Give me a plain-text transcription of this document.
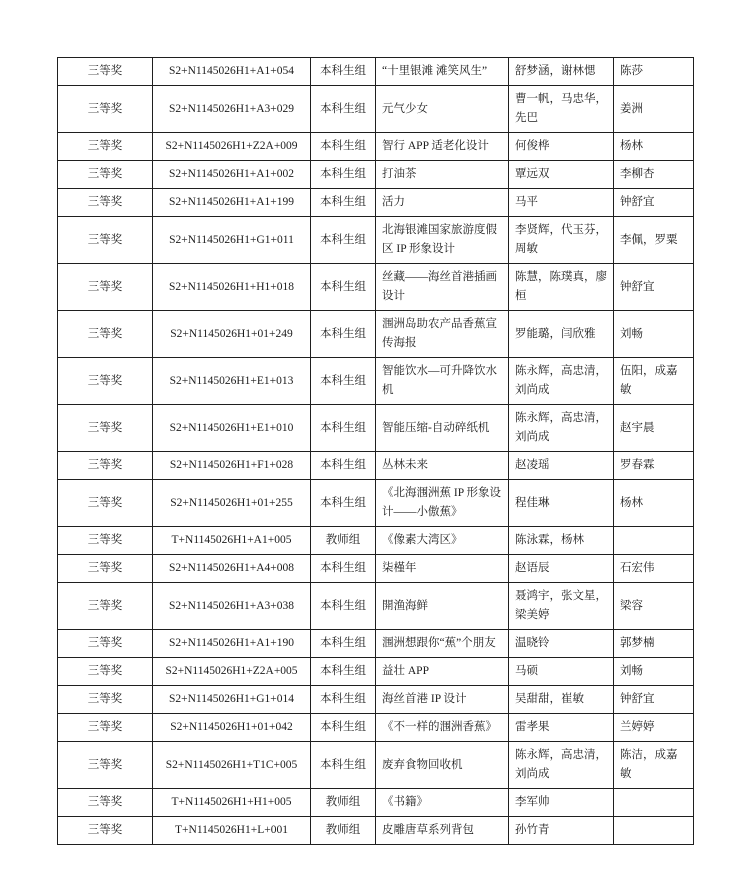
三等奖	S2+N1145026H1+A1+054	本科生组	“十里银滩 滩笑风生”	舒梦涵，谢林愢	陈莎
三等奖	S2+N1145026H1+A3+029	本科生组	元气少女	曹一帆，马忠华，先巴	姜洲
三等奖	S2+N1145026H1+Z2A+009	本科生组	智行 APP 适老化设计	何俊桦	杨林
三等奖	S2+N1145026H1+A1+002	本科生组	打油茶	覃远双	李柳杏
三等奖	S2+N1145026H1+A1+199	本科生组	活力	马平	钟舒宜
三等奖	S2+N1145026H1+G1+011	本科生组	北海银滩国家旅游度假区 IP 形象设计	李贤辉，代玉芬，周敏	李佩，罗粟
三等奖	S2+N1145026H1+H1+018	本科生组	丝藏——海丝首港插画设计	陈慧，陈璞真，廖桓	钟舒宜
三等奖	S2+N1145026H1+01+249	本科生组	涠洲岛助农产品香蕉宣传海报	罗能璐，闫欣雅	刘畅
三等奖	S2+N1145026H1+E1+013	本科生组	智能饮水—可升降饮水机	陈永辉，高忠清，刘尚成	伍阳，成嘉敏
三等奖	S2+N1145026H1+E1+010	本科生组	智能压缩-自动碎纸机	陈永辉，高忠清，刘尚成	赵宇晨
三等奖	S2+N1145026H1+F1+028	本科生组	丛林未来	赵凌瑶	罗春霖
三等奖	S2+N1145026H1+01+255	本科生组	《北海涠洲蕉 IP 形象设计——小傲蕉》	程佳琳	杨林
三等奖	T+N1145026H1+A1+005	教师组	《像素大湾区》	陈泳霖，杨林	
三等奖	S2+N1145026H1+A4+008	本科生组	柒槿年	赵语辰	石宏伟
三等奖	S2+N1145026H1+A3+038	本科生组	開渔海鲜	聂鸿宇，张文星，梁美婷	梁容
三等奖	S2+N1145026H1+A1+190	本科生组	涠洲想跟你“蕉”个朋友	温晓铃	郭梦楠
三等奖	S2+N1145026H1+Z2A+005	本科生组	益壮 APP	马硕	刘畅
三等奖	S2+N1145026H1+G1+014	本科生组	海丝首港 IP 设计	吴甜甜，崔敏	钟舒宜
三等奖	S2+N1145026H1+01+042	本科生组	《不一样的涠洲香蕉》	雷孝果	兰婷婷
三等奖	S2+N1145026H1+T1C+005	本科生组	废弃食物回收机	陈永辉，高忠清，刘尚成	陈洁，成嘉敏
三等奖	T+N1145026H1+H1+005	教师组	《书籍》	李军帅	
三等奖	T+N1145026H1+L+001	教师组	皮雕唐草系列背包	孙竹青	
